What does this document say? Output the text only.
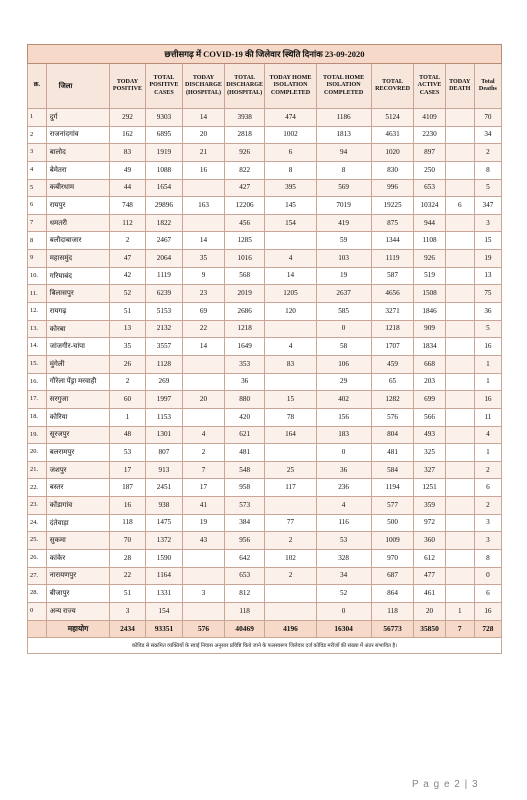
छत्तीसगढ़ में COVID-19 की जिलेवार स्थिति दिनांक 23-09-2020											
क्र.	जिला	TODAY POSITIVE	TOTAL POSITIVE CASES	TODAY DISCHARGE (HOSPITAL)	TOTAL DISCHARGE (HOSPITAL)	TODAY HOME ISOLATION COMPLETED	TOTAL HOME ISOLATION COMPLETED	TOTAL RECOVRED	TOTAL ACTIVE CASES	TODAY DEATH	Total Deaths
1	दुर्ग	292	9303	14	3938	474	1186	5124	4109		70
2	राजनांदगांव	162	6895	20	2818	1002	1813	4631	2230		34
3	बालोद	83	1919	21	926	6	94	1020	897		2
4	बेमेतरा	49	1088	16	822	8	8	830	250		8
5	कबीरधाम	44	1654		427	395	569	996	653		5
6	रायपुर	748	29896	163	12206	145	7019	19225	10324	6	347
7	धमतरी	112	1822		456	154	419	875	944		3
8	बलौदाबाजार	2	2467	14	1285		59	1344	1108		15
9	महासमुंद	47	2064	35	1016	4	103	1119	926		19
10.	गरियाबंद	42	1119	9	568	14	19	587	519		13
11.	बिलासपुर	52	6239	23	2019	1205	2637	4656	1508		75
12.	रायगढ़	51	5153	69	2686	120	585	3271	1846		36
13.	कोरबा	13	2132	22	1218		0	1218	909		5
14.	जांजगीर-चांपा	35	3557	14	1649	4	58	1707	1834		16
15.	मुंगेली	26	1128		353	83	106	459	668		1
16.	गौरेला पेंड्रा मरवाही	2	269		36		29	65	203		1
17.	सरगुजा	60	1997	20	880	15	402	1282	699		16
18.	कोरिया	1	1153		420	78	156	576	566		11
19.	सूरजपुर	48	1301	4	621	164	183	804	493		4
20.	बलरामपुर	53	807	2	481		0	481	325		1
21.	जशपुर	17	913	7	548	25	36	584	327		2
22.	बस्तर	187	2451	17	958	117	236	1194	1251		6
23.	कोंडागांव	16	938	41	573		4	577	359		2
24.	दंतेवाड़ा	118	1475	19	384	77	116	500	972		3
25.	सुकमा	70	1372	43	956	2	53	1009	360		3
26.	कांकेर	28	1590		642	102	328	970	612		8
27.	नारायणपुर	22	1164		653	2	34	687	477		0
28.	बीजापुर	51	1331	3	812		52	864	461		6
0	अन्य राज्य	3	154		118		0	118	20	1	16
	महायोग	2434	93351	576	40469	4196	16304	56773	35850	7	728
कोविड से संक्रमित व्यक्तियों के स्वाई निवास अनुसार प्रविष्टि किये जाने के फलस्वरूप जिलेवार दर्ज कोविड मरीजों की संख्या में अंतर संभावित है।
P a g e 2 | 3
